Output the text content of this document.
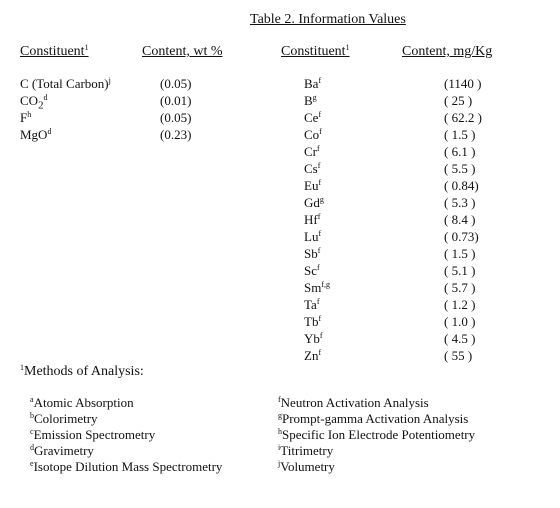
Table 2. Information Values
Constituent$^1$	Content, wt %	Constituent$^1$	Content, mg/Kg
C (Total Carbon)$^j$	(0.05)
$CO_2^d$	(0.01)
$F^h$	(0.05)
MgO$^d$	(0.23)
Ba$^f$	(1140 )
$B^g$	( 25 )
Ce$^f$	( 62.2 )
Co$^f$	( 1.5 )
Cr$^f$	( 6.1 )
Cs$^f$	( 5.5 )
Eu$^f$	( 0.84)
Gd$^g$	( 5.3 )
Hf$^f$	( 8.4 )
Lu$^f$	( 0.73)
Sb$^f$	( 1.5 )
Sc$^f$	( 5.1 )
Sm$^{f,g}$	( 5.7 )
Ta$^f$	( 1.2 )
Tb$^f$	( 1.0 )
Yb$^f$	( 4.5 )
Zn$^f$	( 55 )
$^1$Methods of Analysis:
$^a$Atomic Absorption
$^b$Colorimetry
$^c$Emission Spectrometry
$^d$Gravimetry
$^e$Isotope Dilution Mass Spectrometry
$^f$Neutron Activation Analysis
$^g$Prompt-gamma Activation Analysis
$^h$Specific Ion Electrode Potentiometry
$^i$Titrimetry
$^j$Volumetry
